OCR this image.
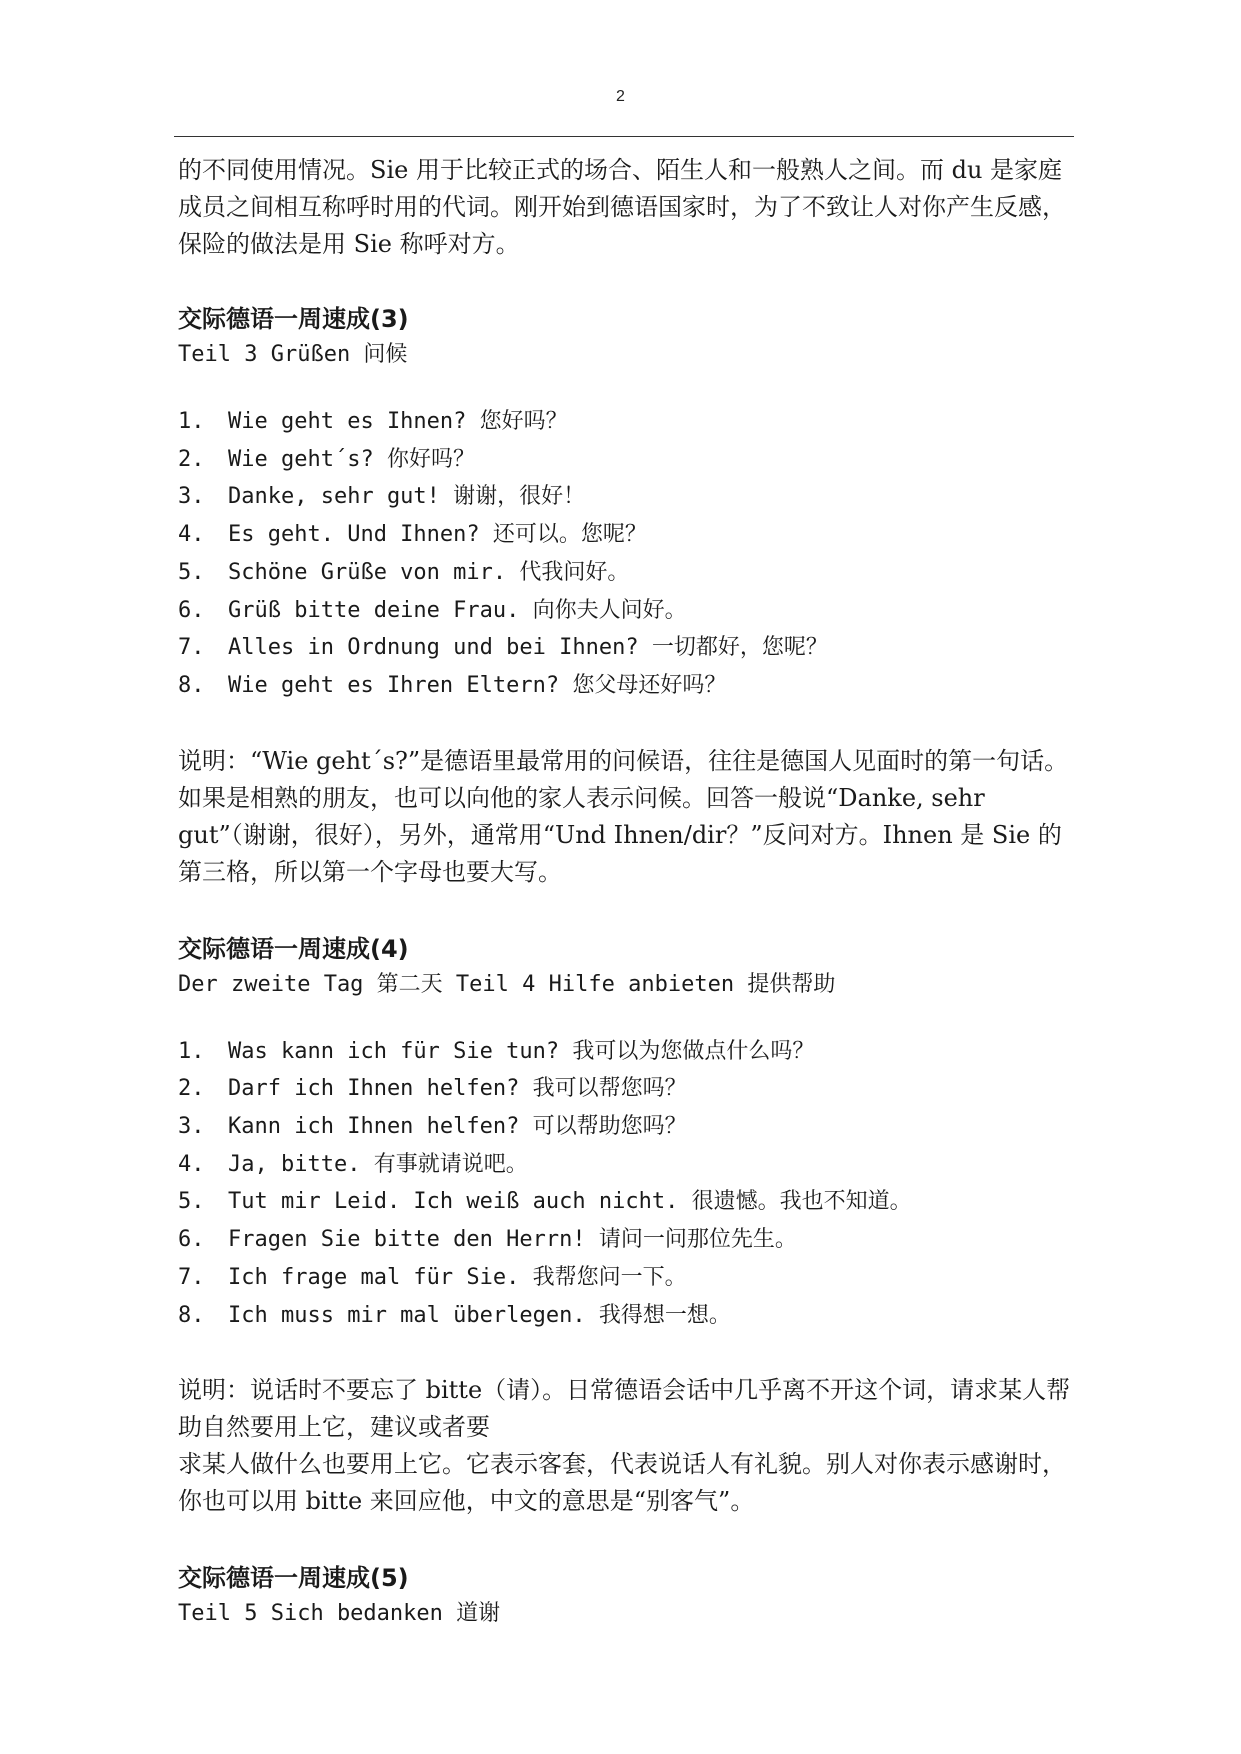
2

的不同使用情况。Sie 用于比较正式的场合、陌生人和一般熟人之间。而 du 是家庭成员之间相互称呼时用的代词。刚开始到德语国家时，为了不致让人对你产生反感，保险的做法是用 Sie 称呼对方。

交际德语一周速成(3)

Teil 3 Grüßen 问候

1.	Wie geht es Ihnen? 您好吗？
2.	Wie geht´s? 你好吗？
3.	Danke, sehr gut! 谢谢，很好！
4.	Es geht. Und Ihnen? 还可以。您呢？
5.	Schöne Grüße von mir. 代我问好。
6.	Grüß bitte deine Frau. 向你夫人问好。
7.	Alles in Ordnung und bei Ihnen? 一切都好，您呢？
8.	Wie geht es Ihren Eltern? 您父母还好吗？

说明：“Wie geht´s?”是德语里最常用的问候语，往往是德国人见面时的第一句话。如果是相熟的朋友，也可以向他的家人表示问候。回答一般说“Danke, sehr gut”（谢谢，很好），另外，通常用“Und Ihnen/dir？”反问对方。Ihnen 是 Sie 的第三格，所以第一个字母也要大写。

交际德语一周速成(4)

Der zweite Tag 第二天 Teil 4 Hilfe anbieten 提供帮助

1.	Was kann ich für Sie tun? 我可以为您做点什么吗？
2.	Darf ich Ihnen helfen? 我可以帮您吗？
3.	Kann ich Ihnen helfen? 可以帮助您吗？
4.	Ja, bitte. 有事就请说吧。
5.	Tut mir Leid. Ich weiß auch nicht. 很遗憾。我也不知道。
6.	Fragen Sie bitte den Herrn! 请问一问那位先生。
7.	Ich frage mal für Sie. 我帮您问一下。
8.	Ich muss mir mal überlegen. 我得想一想。

说明：说话时不要忘了 bitte（请）。日常德语会话中几乎离不开这个词，请求某人帮助自然要用上它，建议或者要

求某人做什么也要用上它。它表示客套，代表说话人有礼貌。别人对你表示感谢时，你也可以用 bitte 来回应他，中文的意思是“别客气”。

交际德语一周速成(5)

Teil 5 Sich bedanken 道谢
